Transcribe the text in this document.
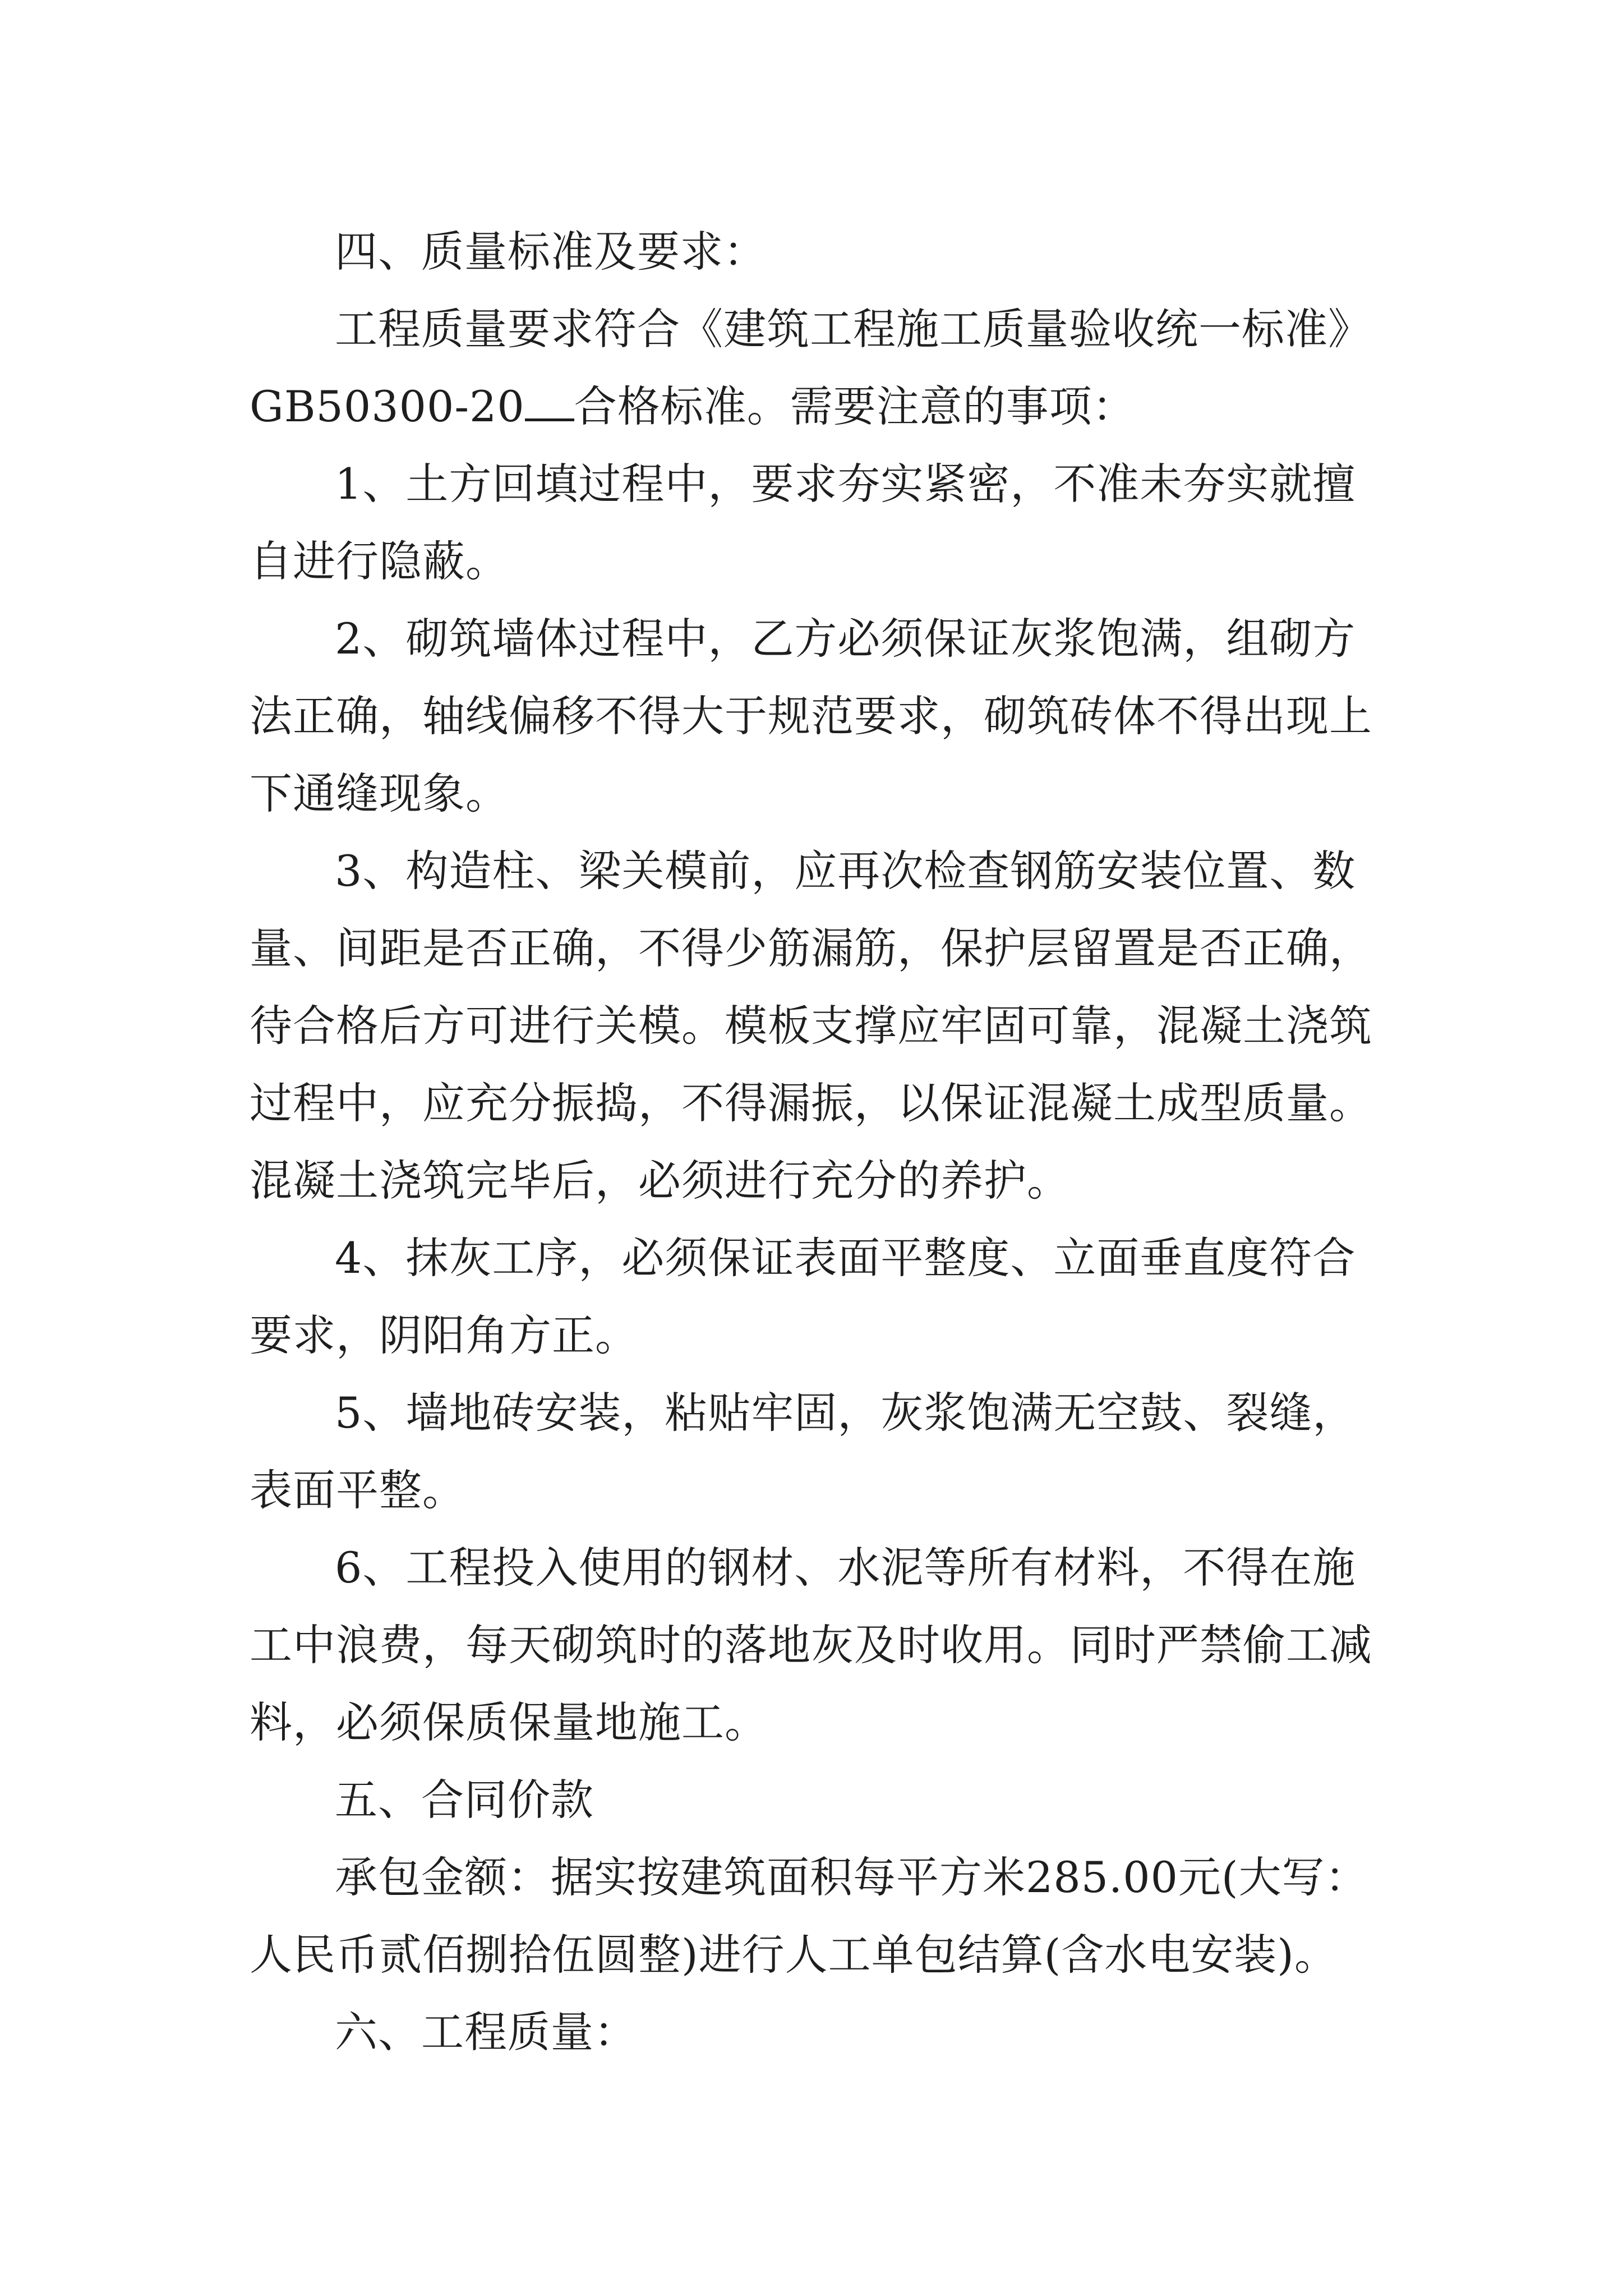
四、质量标准及要求：

工程质量要求符合《建筑工程施工质量验收统一标准》GB50300-20 合格标准。需要注意的事项：

1、土方回填过程中，要求夯实紧密，不准未夯实就擅自进行隐蔽。

2、砌筑墙体过程中，乙方必须保证灰浆饱满，组砌方法正确，轴线偏移不得大于规范要求，砌筑砖体不得出现上下通缝现象。

3、构造柱、梁关模前，应再次检查钢筋安装位置、数量、间距是否正确，不得少筋漏筋，保护层留置是否正确，待合格后方可进行关模。模板支撑应牢固可靠，混凝土浇筑过程中，应充分振捣，不得漏振，以保证混凝土成型质量。混凝土浇筑完毕后，必须进行充分的养护。

4、抹灰工序，必须保证表面平整度、立面垂直度符合要求，阴阳角方正。

5、墙地砖安装，粘贴牢固，灰浆饱满无空鼓、裂缝，表面平整。

6、工程投入使用的钢材、水泥等所有材料，不得在施工中浪费，每天砌筑时的落地灰及时收用。同时严禁偷工减料，必须保质保量地施工。

五、合同价款

承包金额：据实按建筑面积每平方米285.00元(大写：人民币贰佰捌拾伍圆整)进行人工单包结算(含水电安装)。

六、工程质量：
